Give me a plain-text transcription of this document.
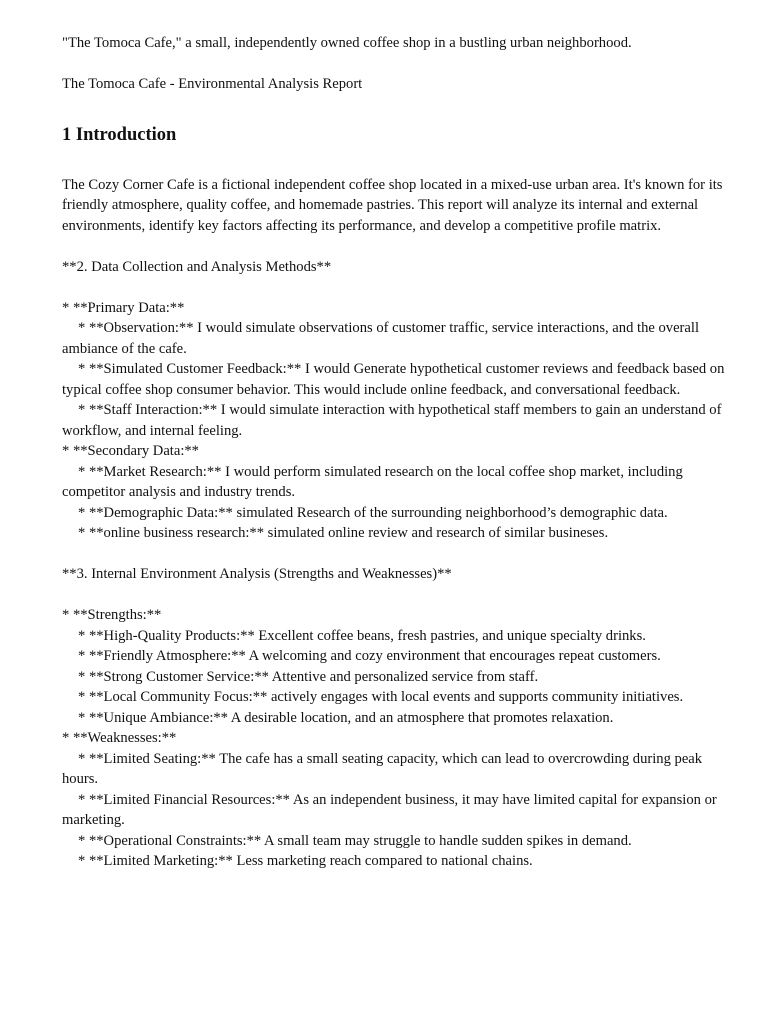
"The Tomoca Cafe," a small, independently owned coffee shop in a bustling urban neighborhood.

The Tomoca Cafe - Environmental Analysis Report

1 Introduction

The Cozy Corner Cafe is a fictional independent coffee shop located in a mixed-use urban area. It's known for its friendly atmosphere, quality coffee, and homemade pastries. This report will analyze its internal and external environments, identify key factors affecting its performance, and develop a competitive profile matrix.

**2. Data Collection and Analysis Methods**

* **Primary Data:**

* **Observation:** I would simulate observations of customer traffic, service interactions, and the overall ambiance of the cafe.

* **Simulated Customer Feedback:** I would Generate hypothetical customer reviews and feedback based on typical coffee shop consumer behavior. This would include online feedback, and conversational feedback.

* **Staff Interaction:** I would simulate interaction with hypothetical staff members to gain an understand of workflow, and internal feeling.

* **Secondary Data:**

* **Market Research:** I would perform simulated research on the local coffee shop market, including competitor analysis and industry trends.

* **Demographic Data:** simulated Research of the surrounding neighborhood’s demographic data.

* **online business research:** simulated online review and research of similar busineses.

**3. Internal Environment Analysis (Strengths and Weaknesses)**

* **Strengths:**

* **High-Quality Products:** Excellent coffee beans, fresh pastries, and unique specialty drinks.

* **Friendly Atmosphere:** A welcoming and cozy environment that encourages repeat customers.

* **Strong Customer Service:** Attentive and personalized service from staff.

* **Local Community Focus:** actively engages with local events and supports community initiatives.

* **Unique Ambiance:** A desirable location, and an atmosphere that promotes relaxation.

* **Weaknesses:**

* **Limited Seating:** The cafe has a small seating capacity, which can lead to overcrowding during peak hours.

* **Limited Financial Resources:** As an independent business, it may have limited capital for expansion or marketing.

* **Operational Constraints:** A small team may struggle to handle sudden spikes in demand.

* **Limited Marketing:** Less marketing reach compared to national chains.
